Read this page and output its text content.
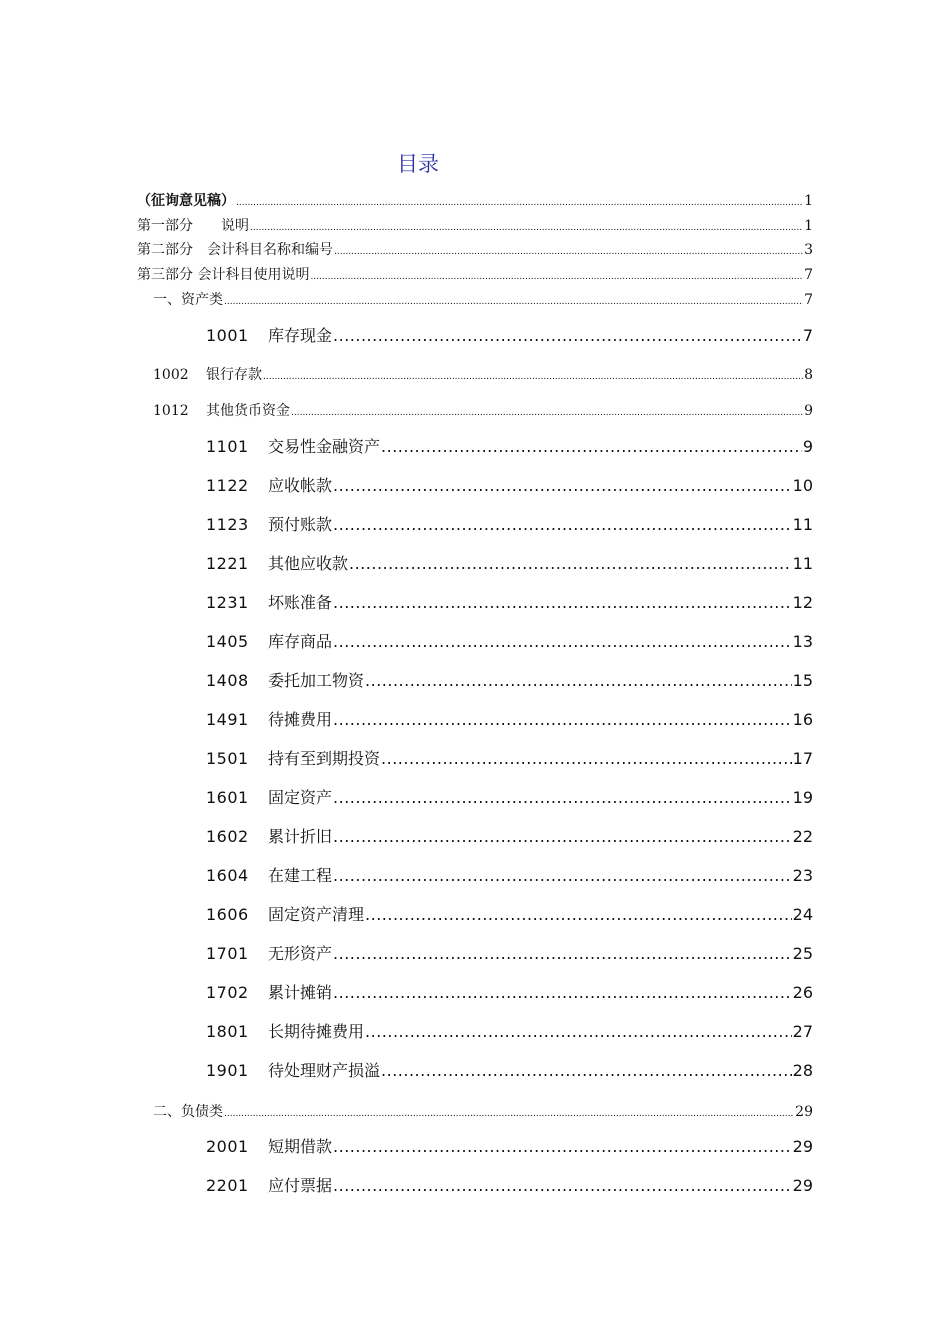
目录
（征询意见稿） .....	1
第一部分　　说明 .....	1
第二部分　会计科目名称和编号 .....	3
第三部分 会计科目使用说明 .....	7
一、资产类 .....	7
1001	库存现金 .....	7
1002	银行存款 .....	8
1012	其他货币资金 .....	9
1101	交易性金融资产 .....	9
1122	应收帐款 .....	10
1123	预付账款 .....	11
1221	其他应收款 .....	11
1231	坏账准备 .....	12
1405	库存商品 .....	13
1408	委托加工物资 .....	15
1491	待摊费用 .....	16
1501	持有至到期投资 .....	17
1601	固定资产 .....	19
1602	累计折旧 .....	22
1604	在建工程 .....	23
1606	固定资产清理 .....	24
1701	无形资产 .....	25
1702	累计摊销 .....	26
1801	长期待摊费用 .....	27
1901	待处理财产损溢 .....	28
二、负债类 .....	29
2001	短期借款 .....	29
2201	应付票据 .....	29
